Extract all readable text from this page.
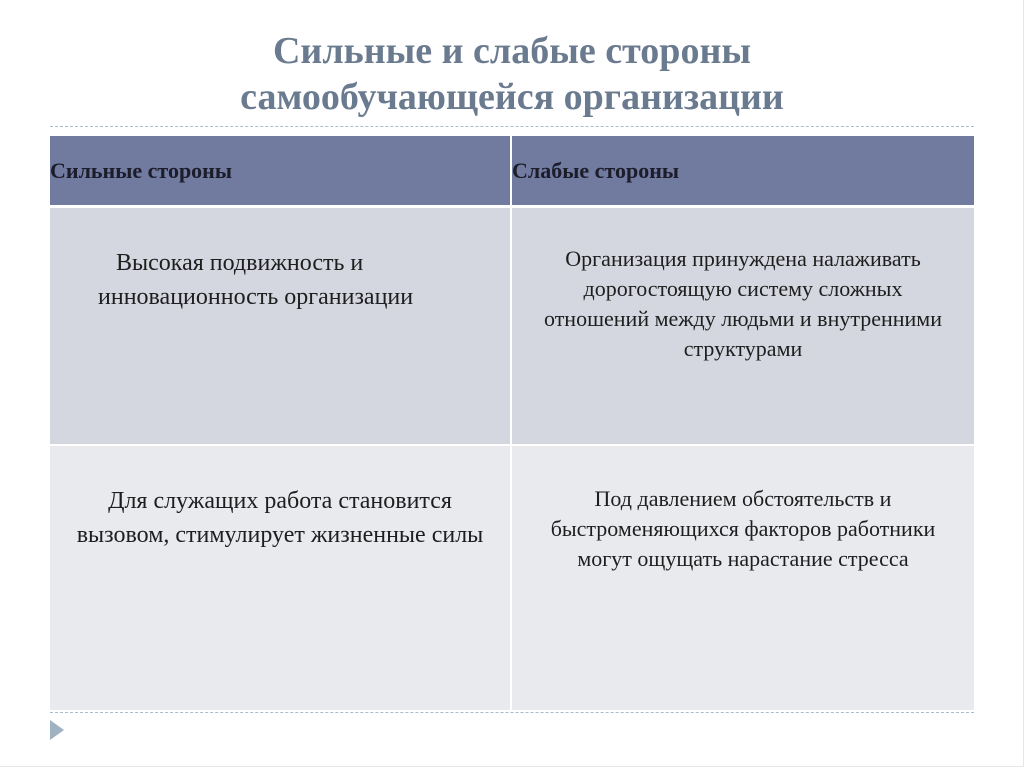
Сильные и слабые стороны
самообучающейся организации
Сильные стороны	Слабые стороны

Высокая подвижность и
инновационность организации	Организация принуждена налаживать дорогостоящую систему сложных отношений между людьми и внутренними структурами
Для служащих работа становится вызовом, стимулирует жизненные силы	Под давлением обстоятельств и быстроменяющихся факторов работники могут ощущать нарастание стресса
